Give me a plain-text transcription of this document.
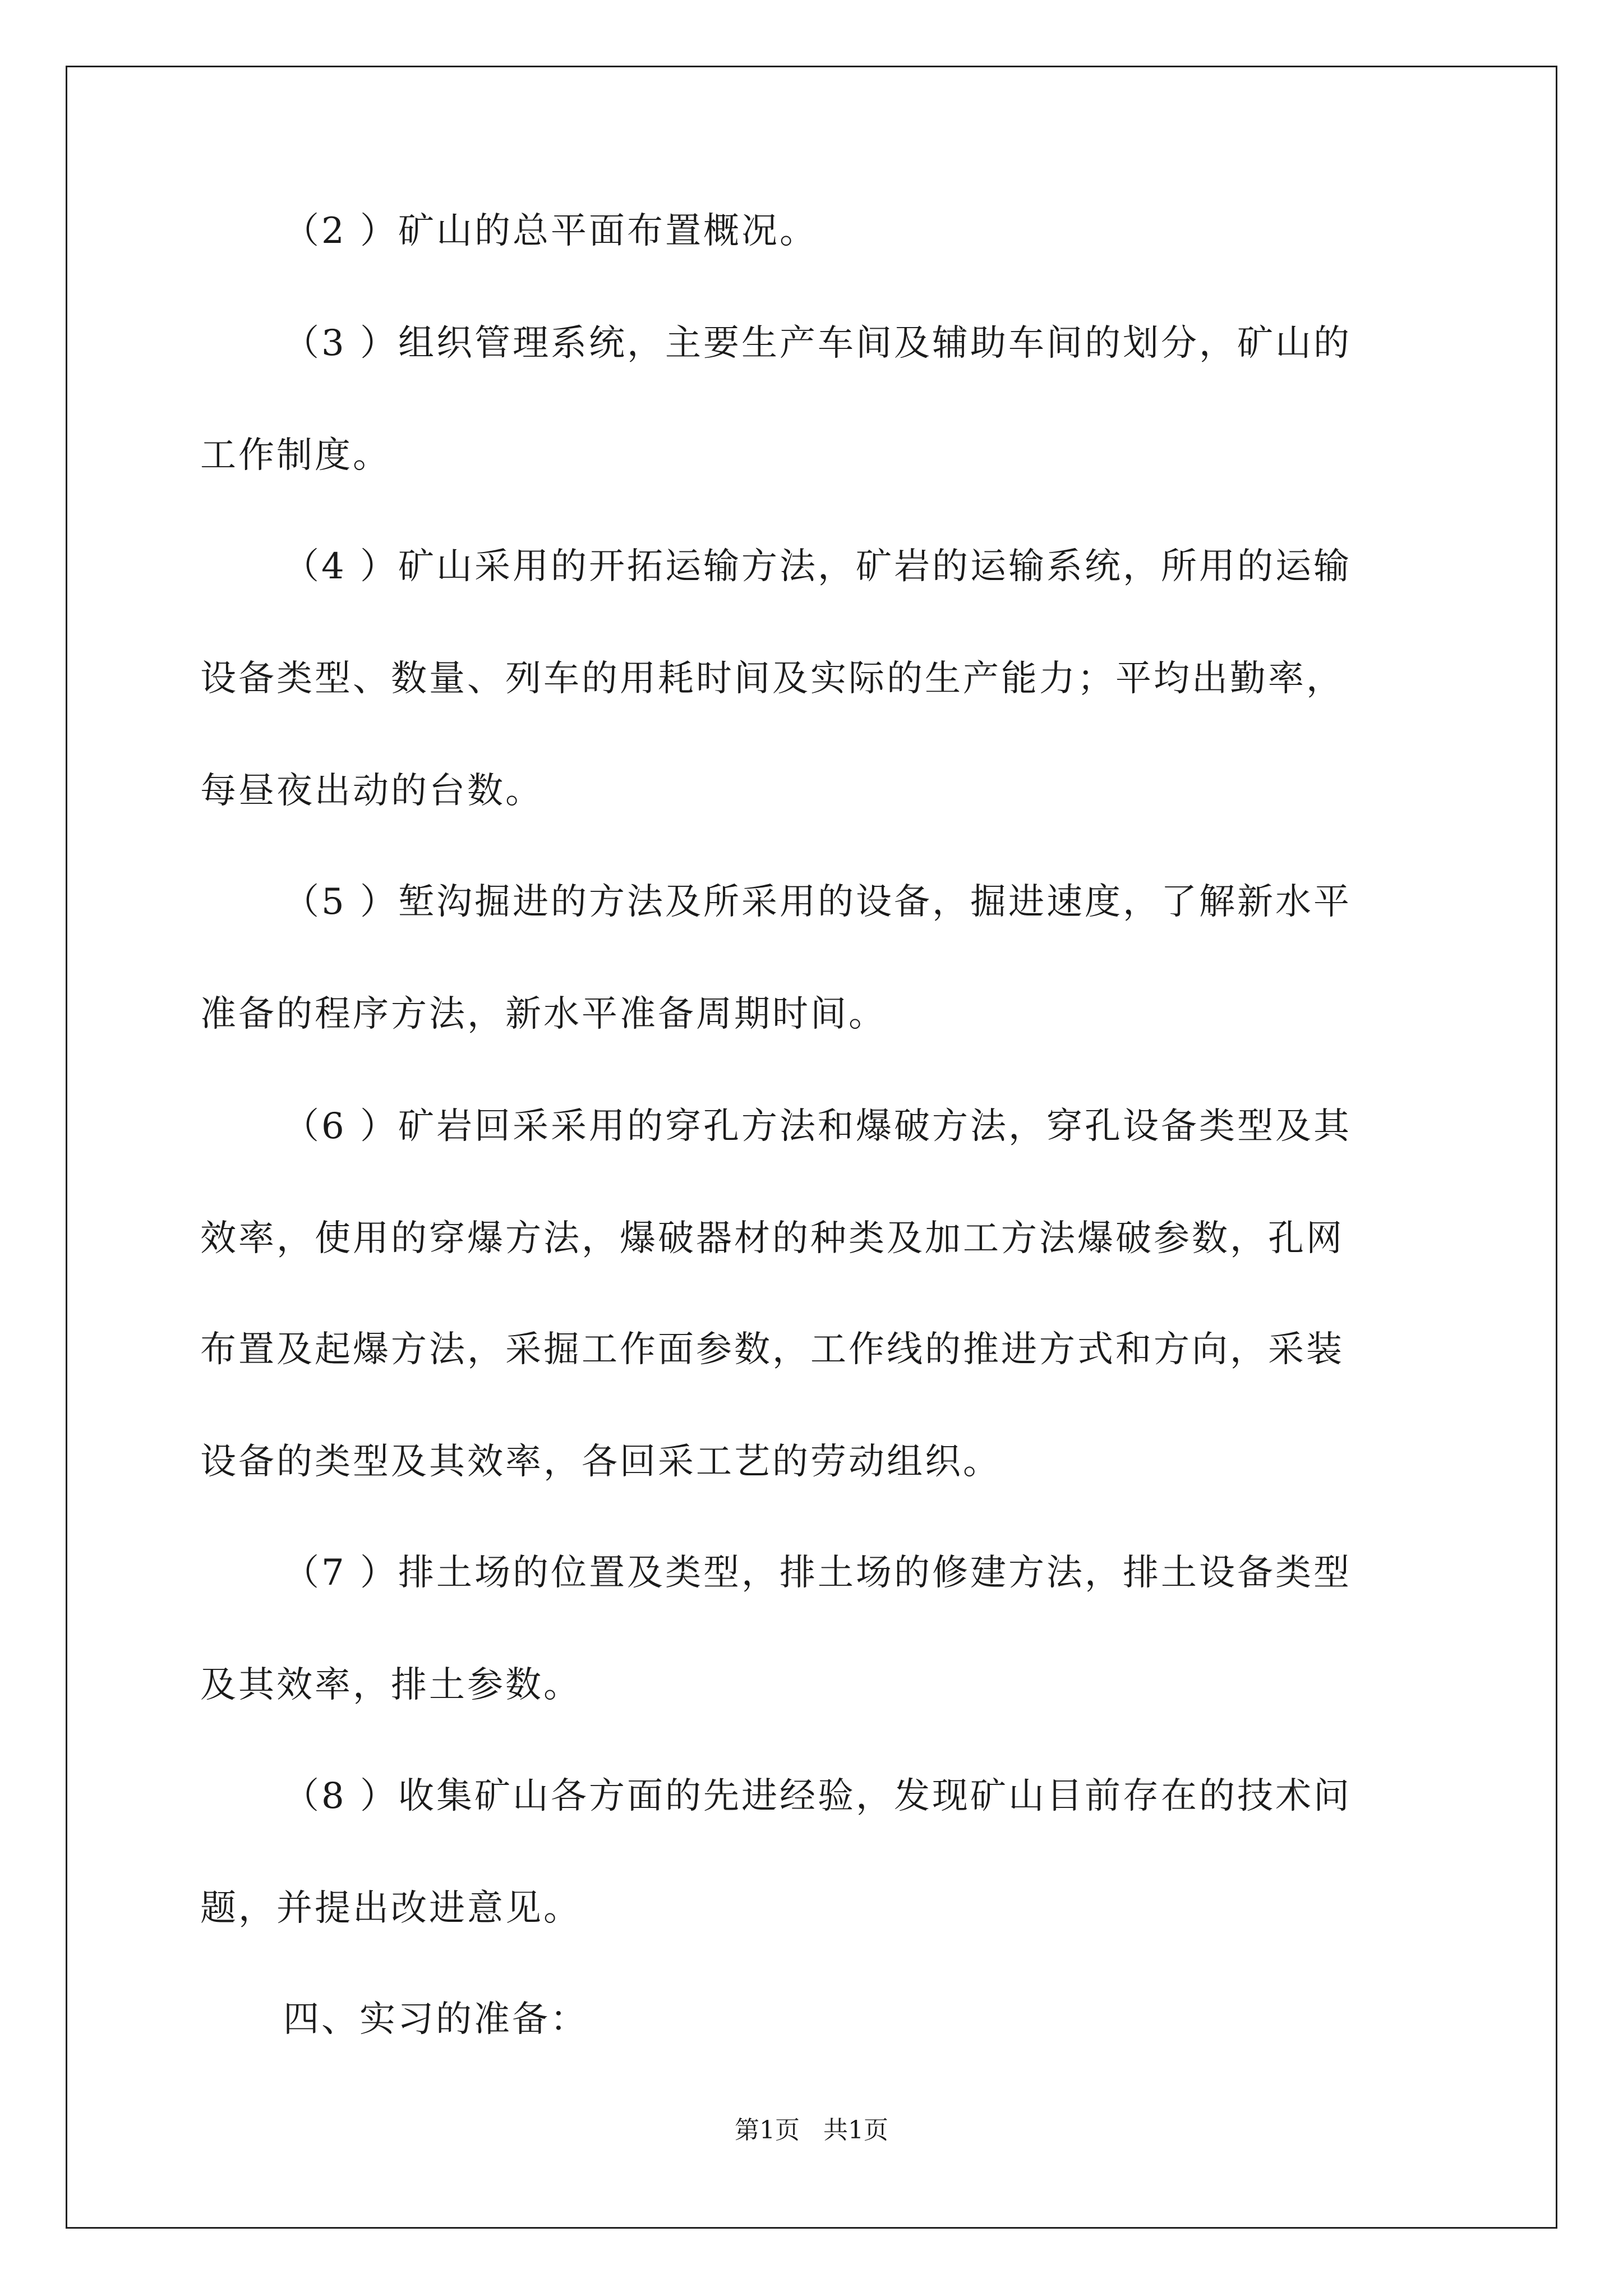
（2 ）矿山的总平面布置概况。
（3 ）组织管理系统，主要生产车间及辅助车间的划分，矿山的
工作制度。
（4 ）矿山采用的开拓运输方法，矿岩的运输系统，所用的运输
设备类型、数量、列车的用耗时间及实际的生产能力；平均出勤率，
每昼夜出动的台数。
（5 ）堑沟掘进的方法及所采用的设备，掘进速度，了解新水平
准备的程序方法，新水平准备周期时间。
（6 ）矿岩回采采用的穿孔方法和爆破方法，穿孔设备类型及其
效率，使用的穿爆方法，爆破器材的种类及加工方法爆破参数，孔网
布置及起爆方法，采掘工作面参数，工作线的推进方式和方向，采装
设备的类型及其效率，各回采工艺的劳动组织。
（7 ）排土场的位置及类型，排土场的修建方法，排土设备类型
及其效率，排土参数。
（8 ）收集矿山各方面的先进经验，发现矿山目前存在的技术问
题，并提出改进意见。
四、实习的准备：
第1页   共1页
